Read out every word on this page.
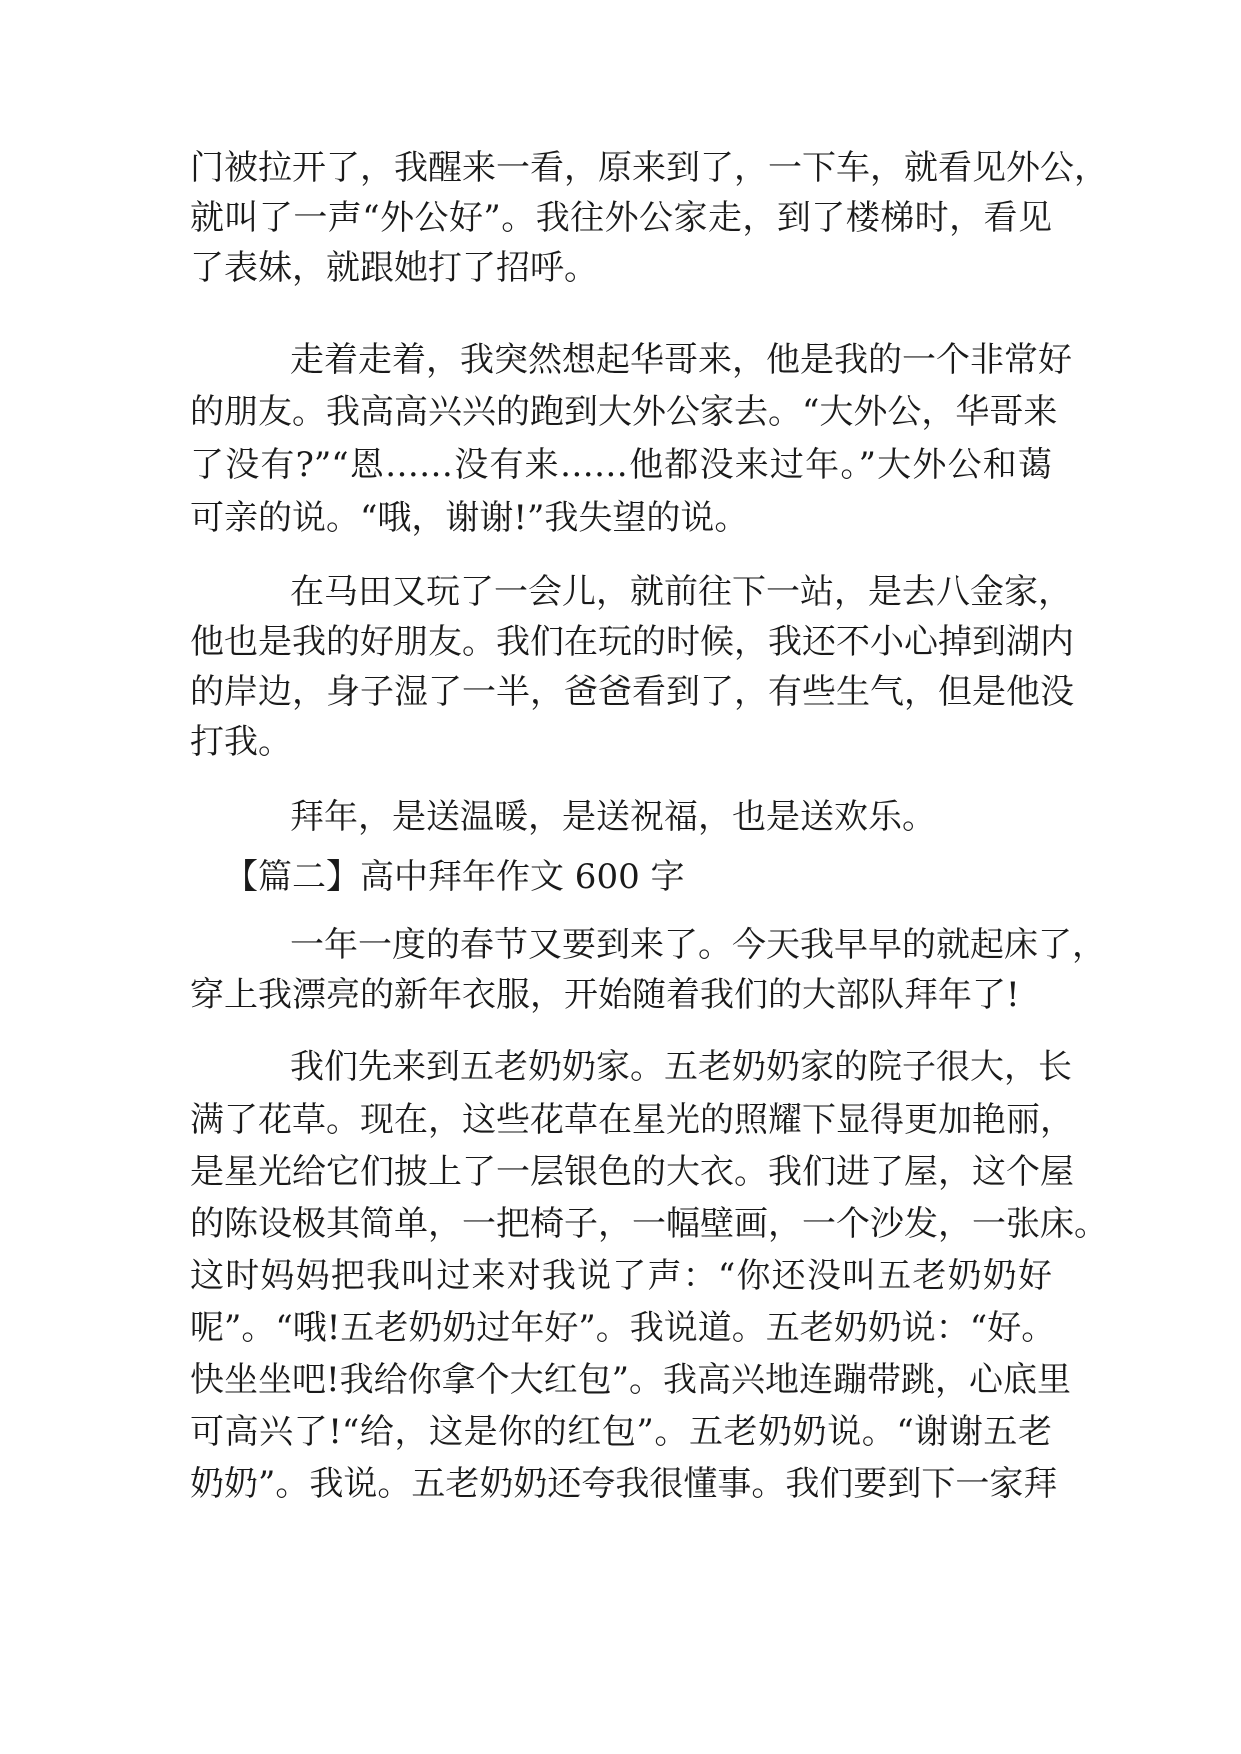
门被拉开了，我醒来一看，原来到了，一下车，就看见外公，
就叫了一声“外公好”。我往外公家走，到了楼梯时，看见
了表妹，就跟她打了招呼。
走着走着，我突然想起华哥来，他是我的一个非常好
的朋友。我高高兴兴的跑到大外公家去。“大外公，华哥来
了没有?”“恩……没有来……他都没来过年。”大外公和蔼
可亲的说。“哦，谢谢!”我失望的说。
在马田又玩了一会儿，就前往下一站，是去八金家，
他也是我的好朋友。我们在玩的时候，我还不小心掉到湖内
的岸边，身子湿了一半，爸爸看到了，有些生气，但是他没
打我。
拜年，是送温暖，是送祝福，也是送欢乐。
【篇二】高中拜年作文 600 字
一年一度的春节又要到来了。今天我早早的就起床了，
穿上我漂亮的新年衣服，开始随着我们的大部队拜年了!
我们先来到五老奶奶家。五老奶奶家的院子很大，长
满了花草。现在，这些花草在星光的照耀下显得更加艳丽，
是星光给它们披上了一层银色的大衣。我们进了屋，这个屋
的陈设极其简单，一把椅子，一幅壁画，一个沙发，一张床。
这时妈妈把我叫过来对我说了声：“你还没叫五老奶奶好
呢”。“哦!五老奶奶过年好”。我说道。五老奶奶说：“好。
快坐坐吧!我给你拿个大红包”。我高兴地连蹦带跳，心底里
可高兴了!“给，这是你的红包”。五老奶奶说。“谢谢五老
奶奶”。我说。五老奶奶还夸我很懂事。我们要到下一家拜
